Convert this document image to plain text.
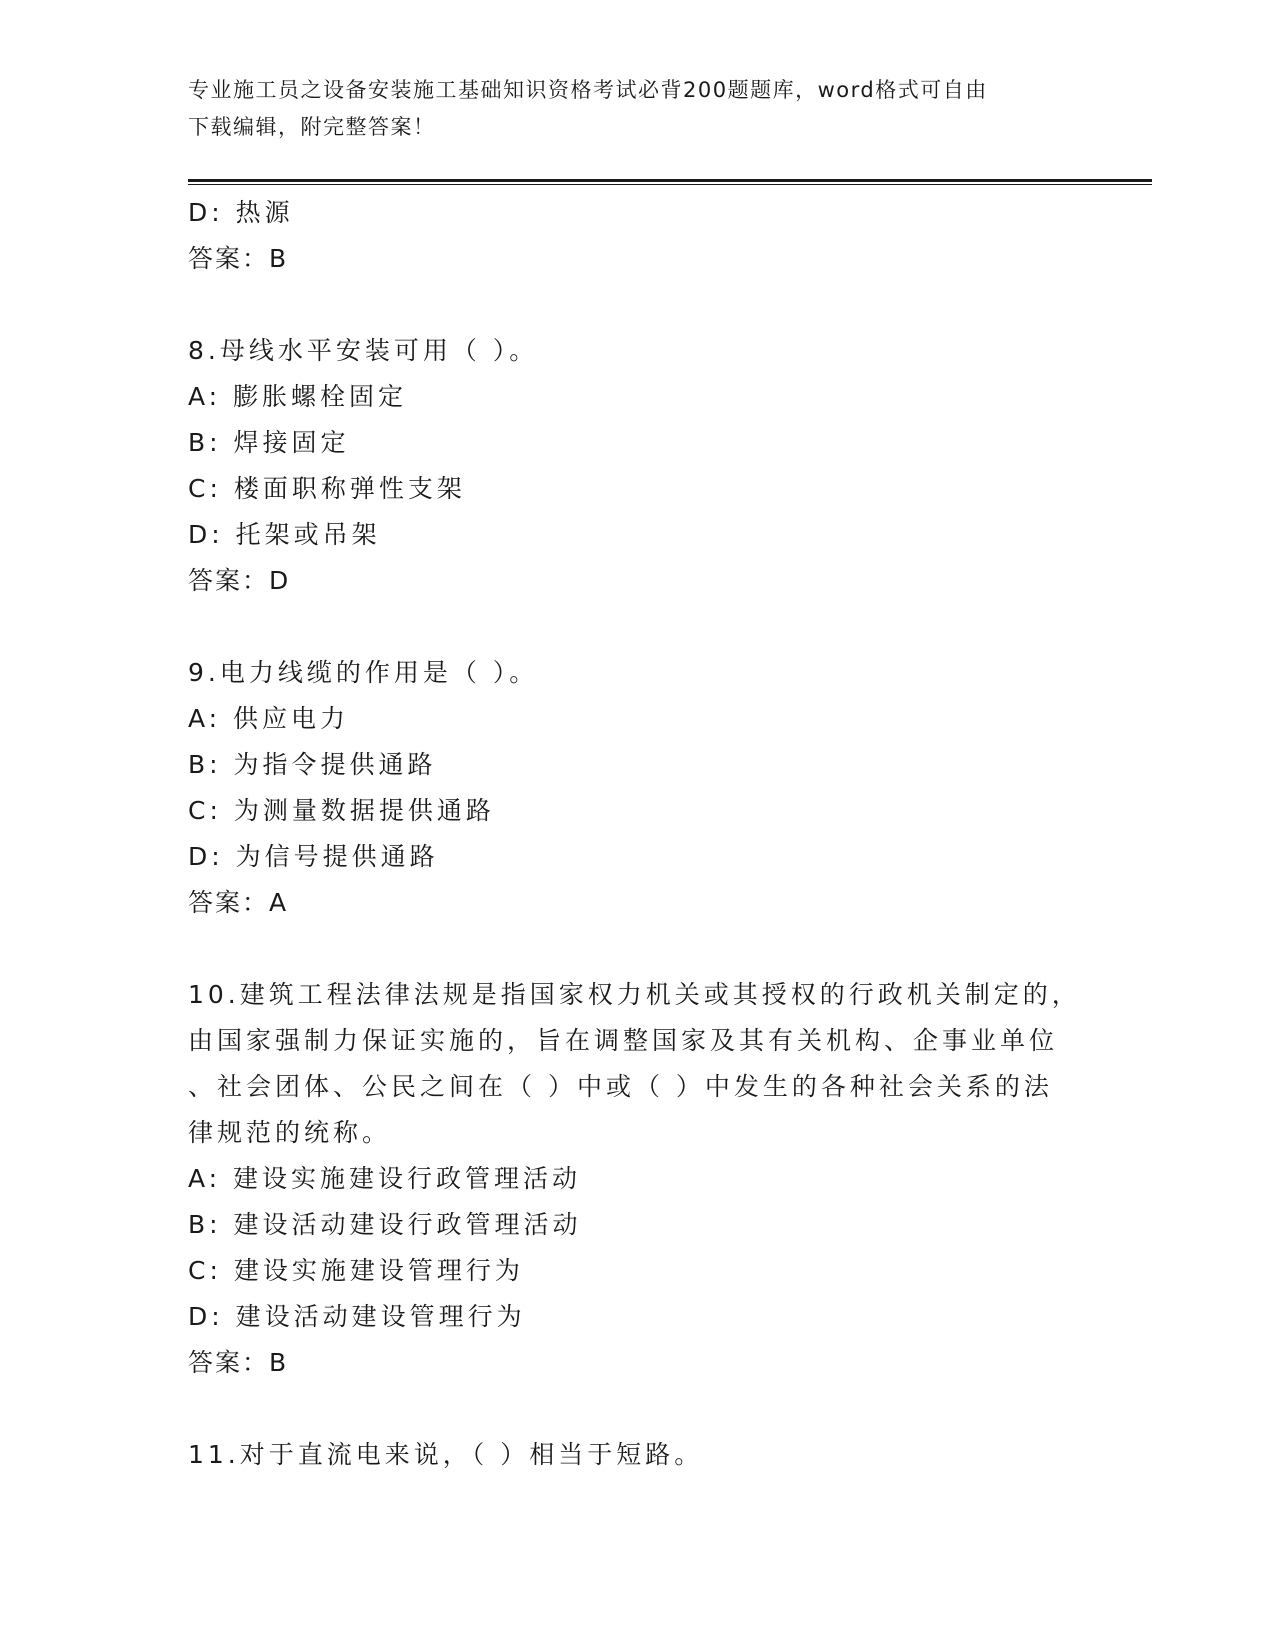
专业施工员之设备安装施工基础知识资格考试必背200题题库，word格式可自由
下载编辑，附完整答案！
D: 热源
答案：B
8.母线水平安装可用（ ）。
A: 膨胀螺栓固定
B: 焊接固定
C: 楼面职称弹性支架
D: 托架或吊架
答案：D
9.电力线缆的作用是（ ）。
A: 供应电力
B: 为指令提供通路
C: 为测量数据提供通路
D: 为信号提供通路
答案：A
10.建筑工程法律法规是指国家权力机关或其授权的行政机关制定的，
由国家强制力保证实施的，旨在调整国家及其有关机构、企事业单位
、社会团体、公民之间在（ ）中或（ ）中发生的各种社会关系的法
律规范的统称。
A: 建设实施建设行政管理活动
B: 建设活动建设行政管理活动
C: 建设实施建设管理行为
D: 建设活动建设管理行为
答案：B
11.对于直流电来说，（ ）相当于短路。
